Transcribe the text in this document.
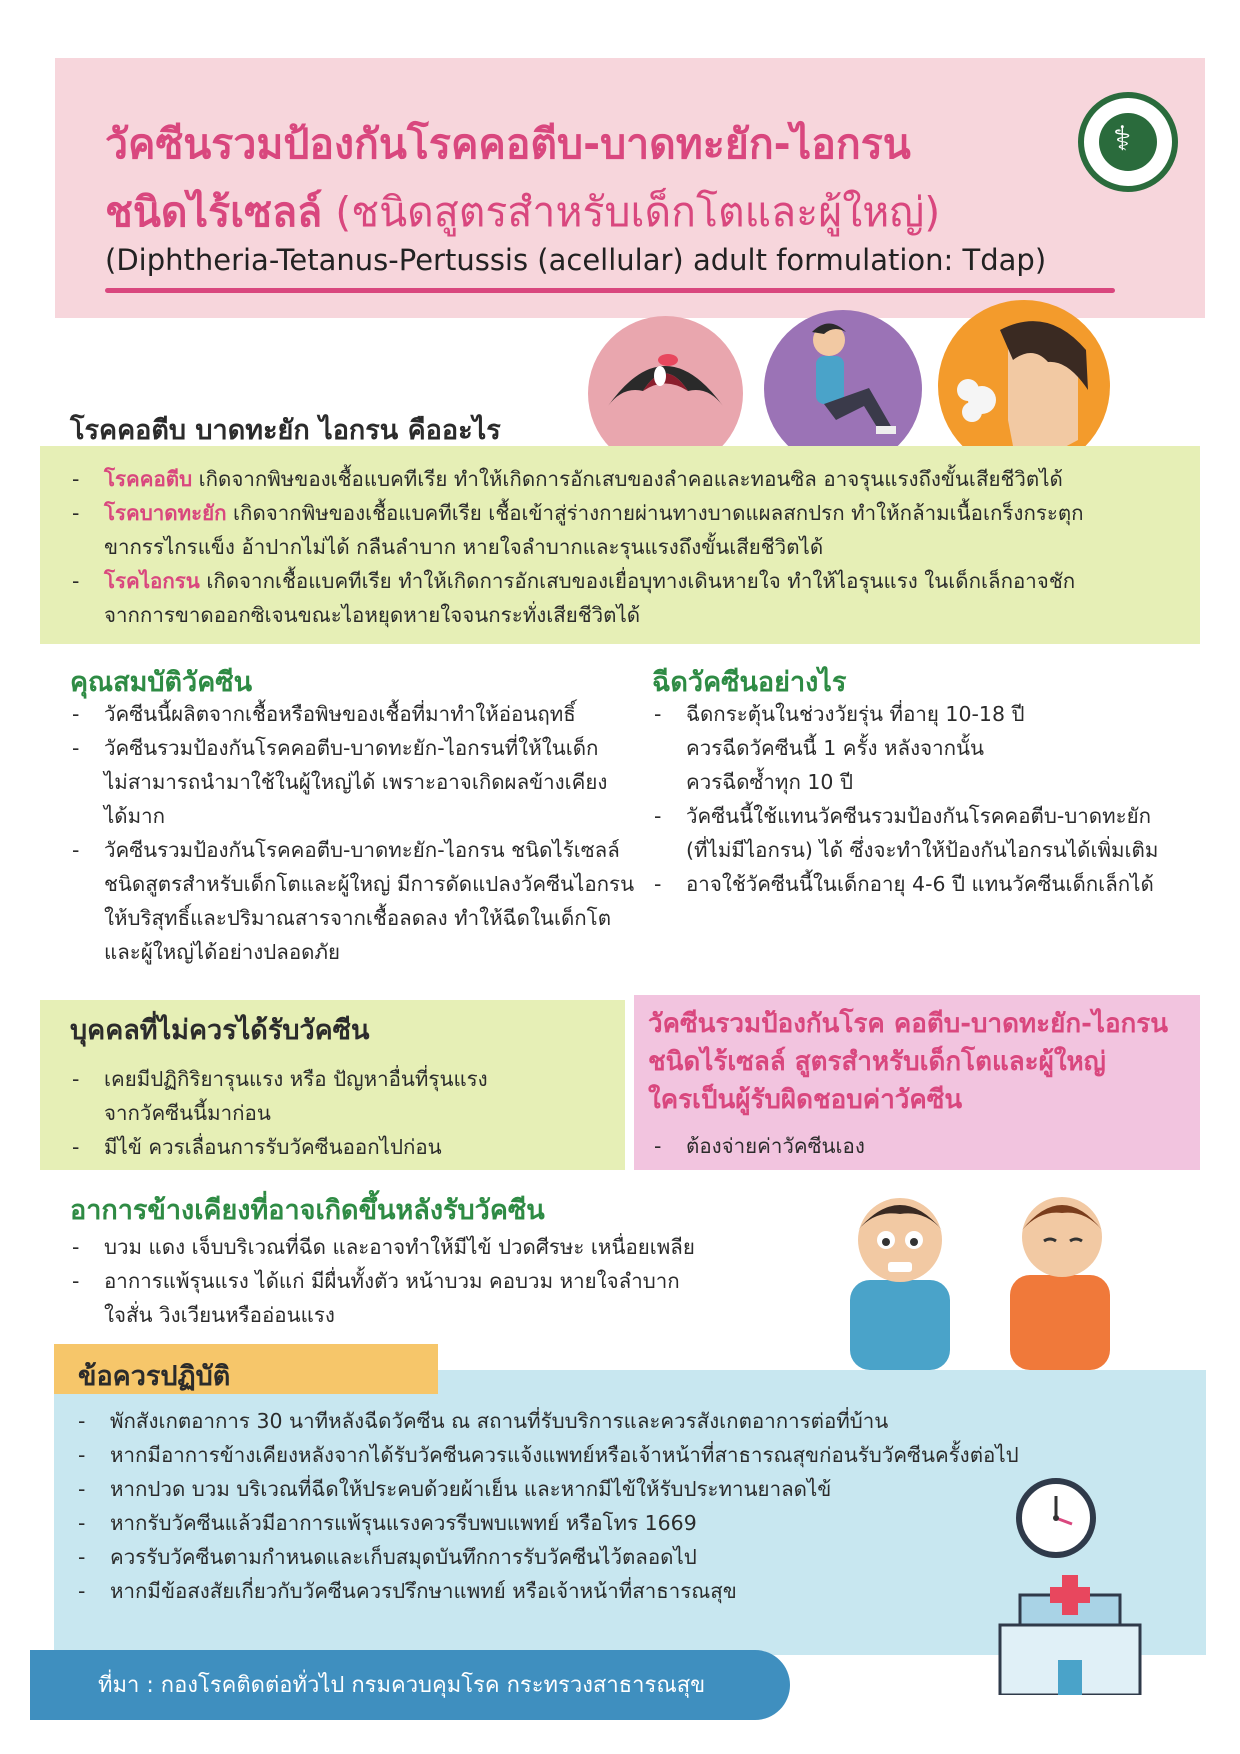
วัคซีนรวมป้องกันโรคคอตีบ-บาดทะยัก-ไอกรน
ชนิดไร้เซลล์ (ชนิดสูตรสำหรับเด็กโตและผู้ใหญ่)
(Diphtheria-Tetanus-Pertussis (acellular) adult formulation: Tdap)
⚕
โรคคอตีบ บาดทะยัก ไอกรน คืออะไร
- โรคคอตีบ เกิดจากพิษของเชื้อแบคทีเรีย ทำให้เกิดการอักเสบของลำคอและทอนซิล อาจรุนแรงถึงขั้นเสียชีวิตได้
- โรคบาดทะยัก เกิดจากพิษของเชื้อแบคทีเรีย เชื้อเข้าสู่ร่างกายผ่านทางบาดแผลสกปรก ทำให้กล้ามเนื้อเกร็งกระตุก
ขากรรไกรแข็ง อ้าปากไม่ได้ กลืนลำบาก หายใจลำบากและรุนแรงถึงขั้นเสียชีวิตได้
- โรคไอกรน เกิดจากเชื้อแบคทีเรีย ทำให้เกิดการอักเสบของเยื่อบุทางเดินหายใจ ทำให้ไอรุนแรง ในเด็กเล็กอาจชัก
จากการขาดออกซิเจนขณะไอหยุดหายใจจนกระทั่งเสียชีวิตได้
คุณสมบัติวัคซีน	ฉีดวัคซีนอย่างไร
- วัคซีนนี้ผลิตจากเชื้อหรือพิษของเชื้อที่มาทำให้อ่อนฤทธิ์
- วัคซีนรวมป้องกันโรคคอตีบ-บาดทะยัก-ไอกรนที่ให้ในเด็ก
ไม่สามารถนำมาใช้ในผู้ใหญ่ได้ เพราะอาจเกิดผลข้างเคียง
ได้มาก
- วัคซีนรวมป้องกันโรคคอตีบ-บาดทะยัก-ไอกรน ชนิดไร้เซลล์
ชนิดสูตรสำหรับเด็กโตและผู้ใหญ่ มีการดัดแปลงวัคซีนไอกรน
ให้บริสุทธิ์และปริมาณสารจากเชื้อลดลง ทำให้ฉีดในเด็กโต
และผู้ใหญ่ได้อย่างปลอดภัย
- ฉีดกระตุ้นในช่วงวัยรุ่น ที่อายุ 10-18 ปี
ควรฉีดวัคซีนนี้ 1 ครั้ง หลังจากนั้น
ควรฉีดซ้ำทุก 10 ปี
- วัคซีนนี้ใช้แทนวัคซีนรวมป้องกันโรคคอตีบ-บาดทะยัก
(ที่ไม่มีไอกรน) ได้ ซึ่งจะทำให้ป้องกันไอกรนได้เพิ่มเติม
- อาจใช้วัคซีนนี้ในเด็กอายุ 4-6 ปี แทนวัคซีนเด็กเล็กได้
บุคคลที่ไม่ควรได้รับวัคซีน
- เคยมีปฏิกิริยารุนแรง หรือ ปัญหาอื่นที่รุนแรง
จากวัคซีนนี้มาก่อน
- มีไข้ ควรเลื่อนการรับวัคซีนออกไปก่อน
วัคซีนรวมป้องกันโรค คอตีบ-บาดทะยัก-ไอกรน
ชนิดไร้เซลล์ สูตรสำหรับเด็กโตและผู้ใหญ่
ใครเป็นผู้รับผิดชอบค่าวัคซีน
- ต้องจ่ายค่าวัคซีนเอง
อาการข้างเคียงที่อาจเกิดขึ้นหลังรับวัคซีน
- บวม แดง เจ็บบริเวณที่ฉีด และอาจทำให้มีไข้ ปวดศีรษะ เหนื่อยเพลีย
- อาการแพ้รุนแรง ได้แก่ มีผื่นทั้งตัว หน้าบวม คอบวม หายใจลำบาก
ใจสั่น วิงเวียนหรืออ่อนแรง
ข้อควรปฏิบัติ
- พักสังเกตอาการ 30 นาทีหลังฉีดวัคซีน ณ สถานที่รับบริการและควรสังเกตอาการต่อที่บ้าน
- หากมีอาการข้างเคียงหลังจากได้รับวัคซีนควรแจ้งแพทย์หรือเจ้าหน้าที่สาธารณสุขก่อนรับวัคซีนครั้งต่อไป
- หากปวด บวม บริเวณที่ฉีดให้ประคบด้วยผ้าเย็น และหากมีไข้ให้รับประทานยาลดไข้
- หากรับวัคซีนแล้วมีอาการแพ้รุนแรงควรรีบพบแพทย์ หรือโทร 1669
- ควรรับวัคซีนตามกำหนดและเก็บสมุดบันทึกการรับวัคซีนไว้ตลอดไป
- หากมีข้อสงสัยเกี่ยวกับวัคซีนควรปรึกษาแพทย์ หรือเจ้าหน้าที่สาธารณสุข
ที่มา : กองโรคติดต่อทั่วไป กรมควบคุมโรค กระทรวงสาธารณสุข
